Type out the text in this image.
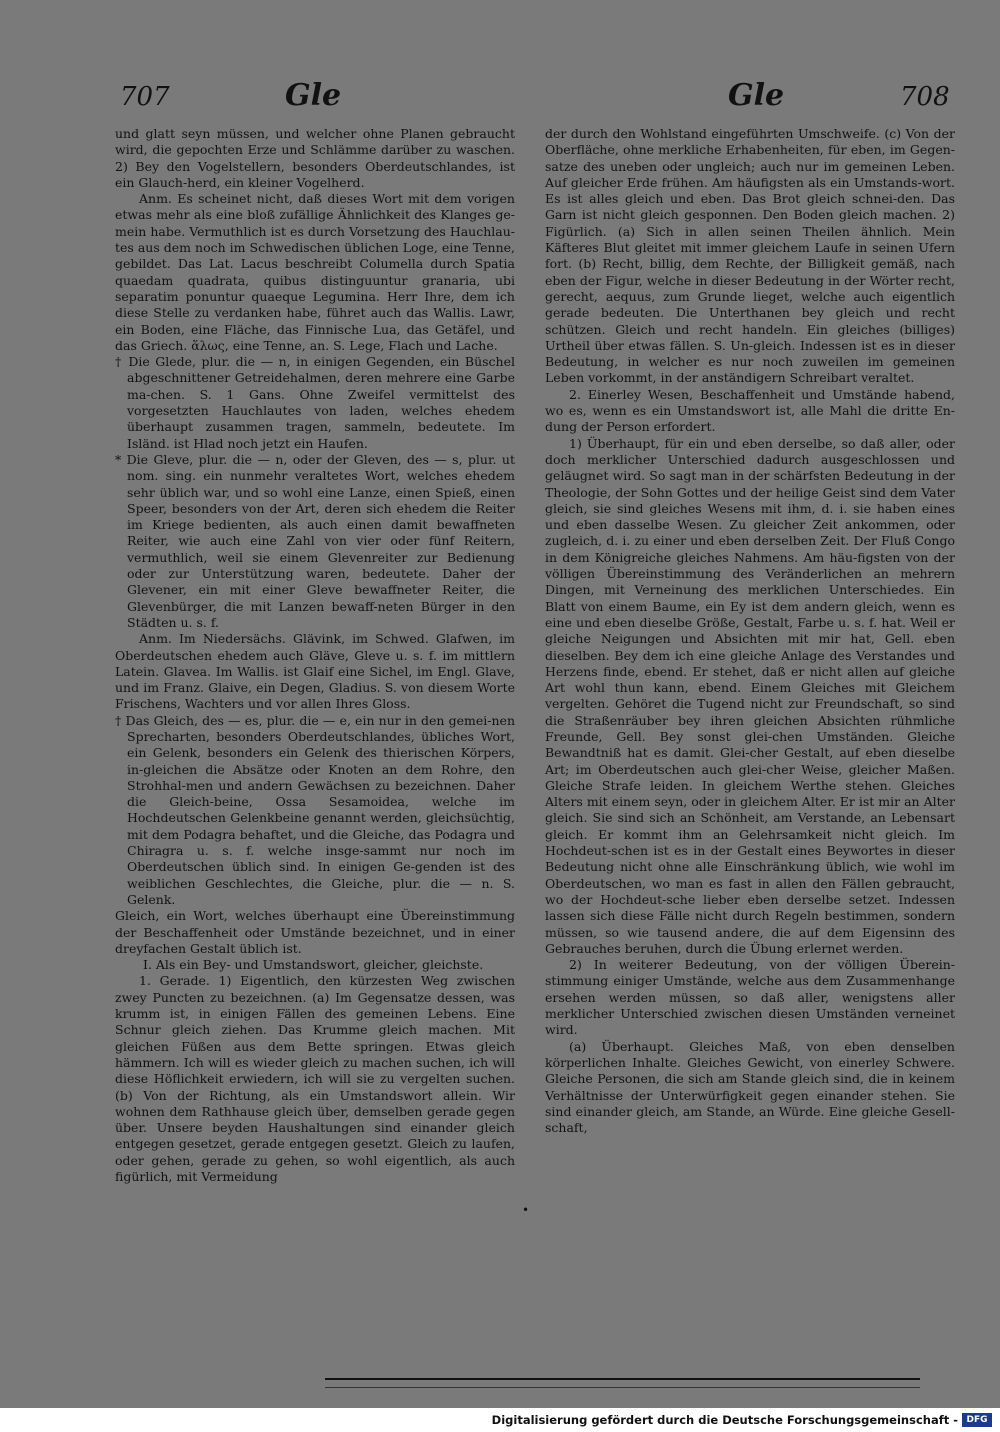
707	Gle	Gle	708

und glatt seyn müssen, und welcher ohne Planen gebraucht wird, die gepochten Erze und Schlämme darüber zu waschen. 2) Bey den Vogelstellern, besonders Oberdeutschlandes, ist ein Glauch-herd, ein kleiner Vogelherd.

Anm. Es scheinet nicht, daß dieses Wort mit dem vorigen etwas mehr als eine bloß zufällige Ähnlichkeit des Klanges ge-mein habe. Vermuthlich ist es durch Vorsetzung des Hauchlau-tes aus dem noch im Schwedischen üblichen Loge, eine Tenne, gebildet. Das Lat. Lacus beschreibt Columella durch Spatia quaedam quadrata, quibus distinguuntur granaria, ubi separatim ponuntur quaeque Legumina. Herr Ihre, dem ich diese Stelle zu verdanken habe, führet auch das Wallis. Lawr, ein Boden, eine Fläche, das Finnische Lua, das Getäfel, und das Griech. ἅλως, eine Tenne, an. S. Lege, Flach und Lache.

† Die Glede, plur. die — n, in einigen Gegenden, ein Büschel abgeschnittener Getreidehalmen, deren mehrere eine Garbe ma-chen. S. 1 Gans. Ohne Zweifel vermittelst des vorgesetzten Hauchlautes von laden, welches ehedem überhaupt zusammen tragen, sammeln, bedeutete. Im Isländ. ist Hlad noch jetzt ein Haufen.

* Die Gleve, plur. die — n, oder der Gleven, des — s, plur. ut nom. sing. ein nunmehr veraltetes Wort, welches ehedem sehr üblich war, und so wohl eine Lanze, einen Spieß, einen Speer, besonders von der Art, deren sich ehedem die Reiter im Kriege bedienten, als auch einen damit bewaffneten Reiter, wie auch eine Zahl von vier oder fünf Reitern, vermuthlich, weil sie einem Glevenreiter zur Bedienung oder zur Unterstützung waren, bedeutete. Daher der Glevener, ein mit einer Gleve bewaffneter Reiter, die Glevenbürger, die mit Lanzen bewaff-neten Bürger in den Städten u. s. f.

Anm. Im Niedersächs. Glävink, im Schwed. Glafwen, im Oberdeutschen ehedem auch Gläve, Gleve u. s. f. im mittlern Latein. Glavea. Im Wallis. ist Glaif eine Sichel, im Engl. Glave, und im Franz. Glaive, ein Degen, Gladius. S. von diesem Worte Frischens, Wachters und vor allen Ihres Gloss.

† Das Gleich, des — es, plur. die — e, ein nur in den gemei-nen Sprecharten, besonders Oberdeutschlandes, übliches Wort, ein Gelenk, besonders ein Gelenk des thierischen Körpers, in-gleichen die Absätze oder Knoten an dem Rohre, den Strohhal-men und andern Gewächsen zu bezeichnen. Daher die Gleich-beine, Ossa Sesamoidea, welche im Hochdeutschen Gelenkbeine genannt werden, gleichsüchtig, mit dem Podagra behaftet, und die Gleiche, das Podagra und Chiragra u. s. f. welche insge-sammt nur noch im Oberdeutschen üblich sind. In einigen Ge-genden ist des weiblichen Geschlechtes, die Gleiche, plur. die — n. S. Gelenk.

Gleich, ein Wort, welches überhaupt eine Übereinstimmung der Beschaffenheit oder Umstände bezeichnet, und in einer dreyfachen Gestalt üblich ist.

I. Als ein Bey- und Umstandswort, gleicher, gleichste.

1. Gerade. 1) Eigentlich, den kürzesten Weg zwischen zwey Puncten zu bezeichnen. (a) Im Gegensatze dessen, was krumm ist, in einigen Fällen des gemeinen Lebens. Eine Schnur gleich ziehen. Das Krumme gleich machen. Mit gleichen Füßen aus dem Bette springen. Etwas gleich hämmern. Ich will es wieder gleich zu machen suchen, ich will diese Höflichkeit erwiedern, ich will sie zu vergelten suchen. (b) Von der Richtung, als ein Umstandswort allein. Wir wohnen dem Rathhause gleich über, demselben gerade gegen über. Unsere beyden Haushaltungen sind einander gleich entgegen gesetzet, gerade entgegen gesetzt. Gleich zu laufen, oder gehen, gerade zu gehen, so wohl eigentlich, als auch figürlich, mit Vermeidung

der durch den Wohlstand eingeführten Umschweife. (c) Von der Oberfläche, ohne merkliche Erhabenheiten, für eben, im Gegen-satze des uneben oder ungleich; auch nur im gemeinen Leben. Auf gleicher Erde frühen. Am häufigsten als ein Umstands-wort. Es ist alles gleich und eben. Das Brot gleich schnei-den. Das Garn ist nicht gleich gesponnen. Den Boden gleich machen. 2) Figürlich. (a) Sich in allen seinen Theilen ähnlich. Mein Käfteres Blut gleitet mit immer gleichem Laufe in seinen Ufern fort. (b) Recht, billig, dem Rechte, der Billigkeit gemäß, nach eben der Figur, welche in dieser Bedeutung in der Wörter recht, gerecht, aequus, zum Grunde lieget, welche auch eigentlich gerade bedeuten. Die Unterthanen bey gleich und recht schützen. Gleich und recht handeln. Ein gleiches (billiges) Urtheil über etwas fällen. S. Un-gleich. Indessen ist es in dieser Bedeutung, in welcher es nur noch zuweilen im gemeinen Leben vorkommt, in der anständigern Schreibart veraltet.

2. Einerley Wesen, Beschaffenheit und Umstände habend, wo es, wenn es ein Umstandswort ist, alle Mahl die dritte En-dung der Person erfordert.

1) Überhaupt, für ein und eben derselbe, so daß aller, oder doch merklicher Unterschied dadurch ausgeschlossen und geläugnet wird. So sagt man in der schärfsten Bedeutung in der Theologie, der Sohn Gottes und der heilige Geist sind dem Vater gleich, sie sind gleiches Wesens mit ihm, d. i. sie haben eines und eben dasselbe Wesen. Zu gleicher Zeit ankommen, oder zugleich, d. i. zu einer und eben derselben Zeit. Der Fluß Congo in dem Königreiche gleiches Nahmens. Am häu-figsten von der völligen Übereinstimmung des Veränderlichen an mehrern Dingen, mit Verneinung des merklichen Unterschiedes. Ein Blatt von einem Baume, ein Ey ist dem andern gleich, wenn es eine und eben dieselbe Größe, Gestalt, Farbe u. s. f. hat. Weil er gleiche Neigungen und Absichten mit mir hat, Gell. eben dieselben. Bey dem ich eine gleiche Anlage des Verstandes und Herzens finde, ebend. Er stehet, daß er nicht allen auf gleiche Art wohl thun kann, ebend. Einem Gleiches mit Gleichem vergelten. Gehöret die Tugend nicht zur Freundschaft, so sind die Straßenräuber bey ihren gleichen Absichten rühmliche Freunde, Gell. Bey sonst glei-chen Umständen. Gleiche Bewandtniß hat es damit. Glei-cher Gestalt, auf eben dieselbe Art; im Oberdeutschen auch glei-cher Weise, gleicher Maßen. Gleiche Strafe leiden. In gleichem Werthe stehen. Gleiches Alters mit einem seyn, oder in gleichem Alter. Er ist mir an Alter gleich. Sie sind sich an Schönheit, am Verstande, an Lebensart gleich. Er kommt ihm an Gelehrsamkeit nicht gleich. Im Hochdeut-schen ist es in der Gestalt eines Beywortes in dieser Bedeutung nicht ohne alle Einschränkung üblich, wie wohl im Oberdeutschen, wo man es fast in allen den Fällen gebraucht, wo der Hochdeut-sche lieber eben derselbe setzet. Indessen lassen sich diese Fälle nicht durch Regeln bestimmen, sondern müssen, so wie tausend andere, die auf dem Eigensinn des Gebrauches beruhen, durch die Übung erlernet werden.

2) In weiterer Bedeutung, von der völligen Überein-stimmung einiger Umstände, welche aus dem Zusammenhange ersehen werden müssen, so daß aller, wenigstens aller merklicher Unterschied zwischen diesen Umständen verneinet wird.

(a) Überhaupt. Gleiches Maß, von eben denselben körperlichen Inhalte. Gleiches Gewicht, von einerley Schwere. Gleiche Personen, die sich am Stande gleich sind, die in keinem Verhältnisse der Unterwürfigkeit gegen einander stehen. Sie sind einander gleich, am Stande, an Würde. Eine gleiche Gesell-schaft,

•
Digitalisierung gefördert durch die Deutsche Forschungsgemeinschaft - DFG
